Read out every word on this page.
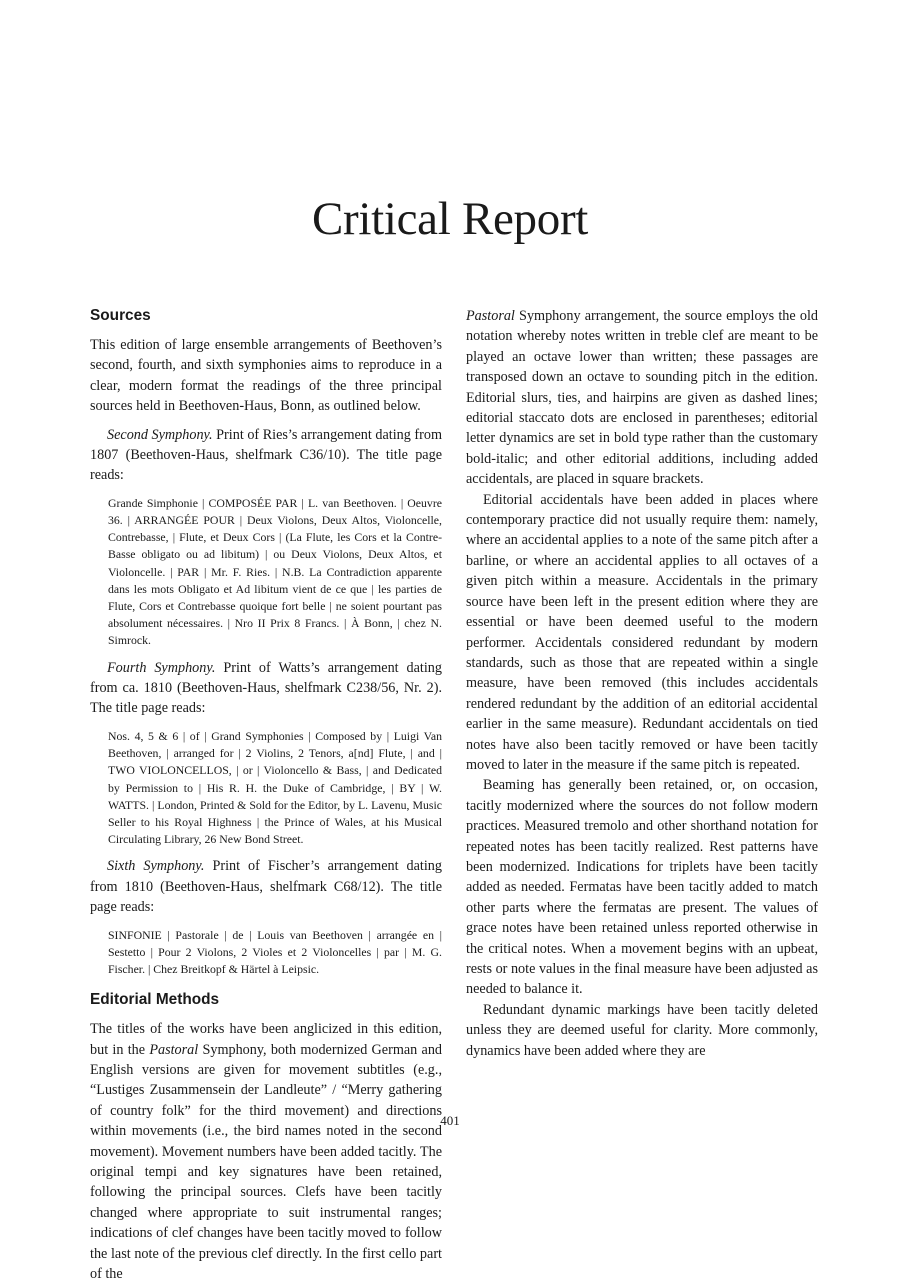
Critical Report
Sources

This edition of large ensemble arrangements of Beethoven’s second, fourth, and sixth symphonies aims to reproduce in a clear, modern format the readings of the three principal sources held in Beethoven-Haus, Bonn, as outlined below.

Second Symphony. Print of Ries’s arrangement dating from 1807 (Beethoven-Haus, shelfmark C36/10). The title page reads:

Grande Simphonie | COMPOSÉE PAR | L. van Beethoven. | Oeuvre 36. | ARRANGÉE POUR | Deux Violons, Deux Altos, Violoncelle, Contrebasse, | Flute, et Deux Cors | (La Flute, les Cors et la Contre-Basse obligato ou ad libitum) | ou Deux Violons, Deux Altos, et Violoncelle. | PAR | Mr. F. Ries. | N.B. La Contradiction apparente dans les mots Obligato et Ad libitum vient de ce que | les parties de Flute, Cors et Contrebasse quoique fort belle | ne soient pourtant pas absolument nécessaires. | Nro II Prix 8 Francs. | À Bonn, | chez N. Simrock.

Fourth Symphony. Print of Watts’s arrangement dating from ca. 1810 (Beethoven-Haus, shelfmark C238/56, Nr. 2). The title page reads:

Nos. 4, 5 & 6 | of | Grand Symphonies | Composed by | Luigi Van Beethoven, | arranged for | 2 Violins, 2 Tenors, a[nd] Flute, | and | TWO VIOLONCELLOS, | or | Violoncello & Bass, | and Dedicated by Permission to | His R. H. the Duke of Cambridge, | BY | W. WATTS. | London, Printed & Sold for the Editor, by L. Lavenu, Music Seller to his Royal Highness | the Prince of Wales, at his Musical Circulating Library, 26 New Bond Street.

Sixth Symphony. Print of Fischer’s arrangement dating from 1810 (Beethoven-Haus, shelfmark C68/12). The title page reads:

SINFONIE | Pastorale | de | Louis van Beethoven | arrangée en | Sestetto | Pour 2 Violons, 2 Violes et 2 Violoncelles | par | M. G. Fischer. | Chez Breitkopf & Härtel à Leipsic.
Editorial Methods

The titles of the works have been anglicized in this edition, but in the Pastoral Symphony, both modernized German and English versions are given for movement subtitles (e.g., “Lustiges Zusammensein der Landleute” / “Merry gathering of country folk” for the third movement) and directions within movements (i.e., the bird names noted in the second movement). Movement numbers have been added tacitly. The original tempi and key signatures have been retained, following the principal sources. Clefs have been tacitly changed where appropriate to suit instrumental ranges; indications of clef changes have been tacitly moved to follow the last note of the previous clef directly. In the first cello part of the

Pastoral Symphony arrangement, the source employs the old notation whereby notes written in treble clef are meant to be played an octave lower than written; these passages are transposed down an octave to sounding pitch in the edition. Editorial slurs, ties, and hairpins are given as dashed lines; editorial staccato dots are enclosed in parentheses; editorial letter dynamics are set in bold type rather than the customary bold-italic; and other editorial additions, including added accidentals, are placed in square brackets.

Editorial accidentals have been added in places where contemporary practice did not usually require them: namely, where an accidental applies to a note of the same pitch after a barline, or where an accidental applies to all octaves of a given pitch within a measure. Accidentals in the primary source have been left in the present edition where they are essential or have been deemed useful to the modern performer. Accidentals considered redundant by modern standards, such as those that are repeated within a single measure, have been removed (this includes accidentals rendered redundant by the addition of an editorial accidental earlier in the same measure). Redundant accidentals on tied notes have also been tacitly removed or have been tacitly moved to later in the measure if the same pitch is repeated.

Beaming has generally been retained, or, on occasion, tacitly modernized where the sources do not follow modern practices. Measured tremolo and other shorthand notation for repeated notes has been tacitly realized. Rest patterns have been modernized. Indications for triplets have been tacitly added as needed. Fermatas have been tacitly added to match other parts where the fermatas are present. The values of grace notes have been retained unless reported otherwise in the critical notes. When a movement begins with an upbeat, rests or note values in the final measure have been adjusted as needed to balance it.

Redundant dynamic markings have been tacitly deleted unless they are deemed useful for clarity. More commonly, dynamics have been added where they are

401
